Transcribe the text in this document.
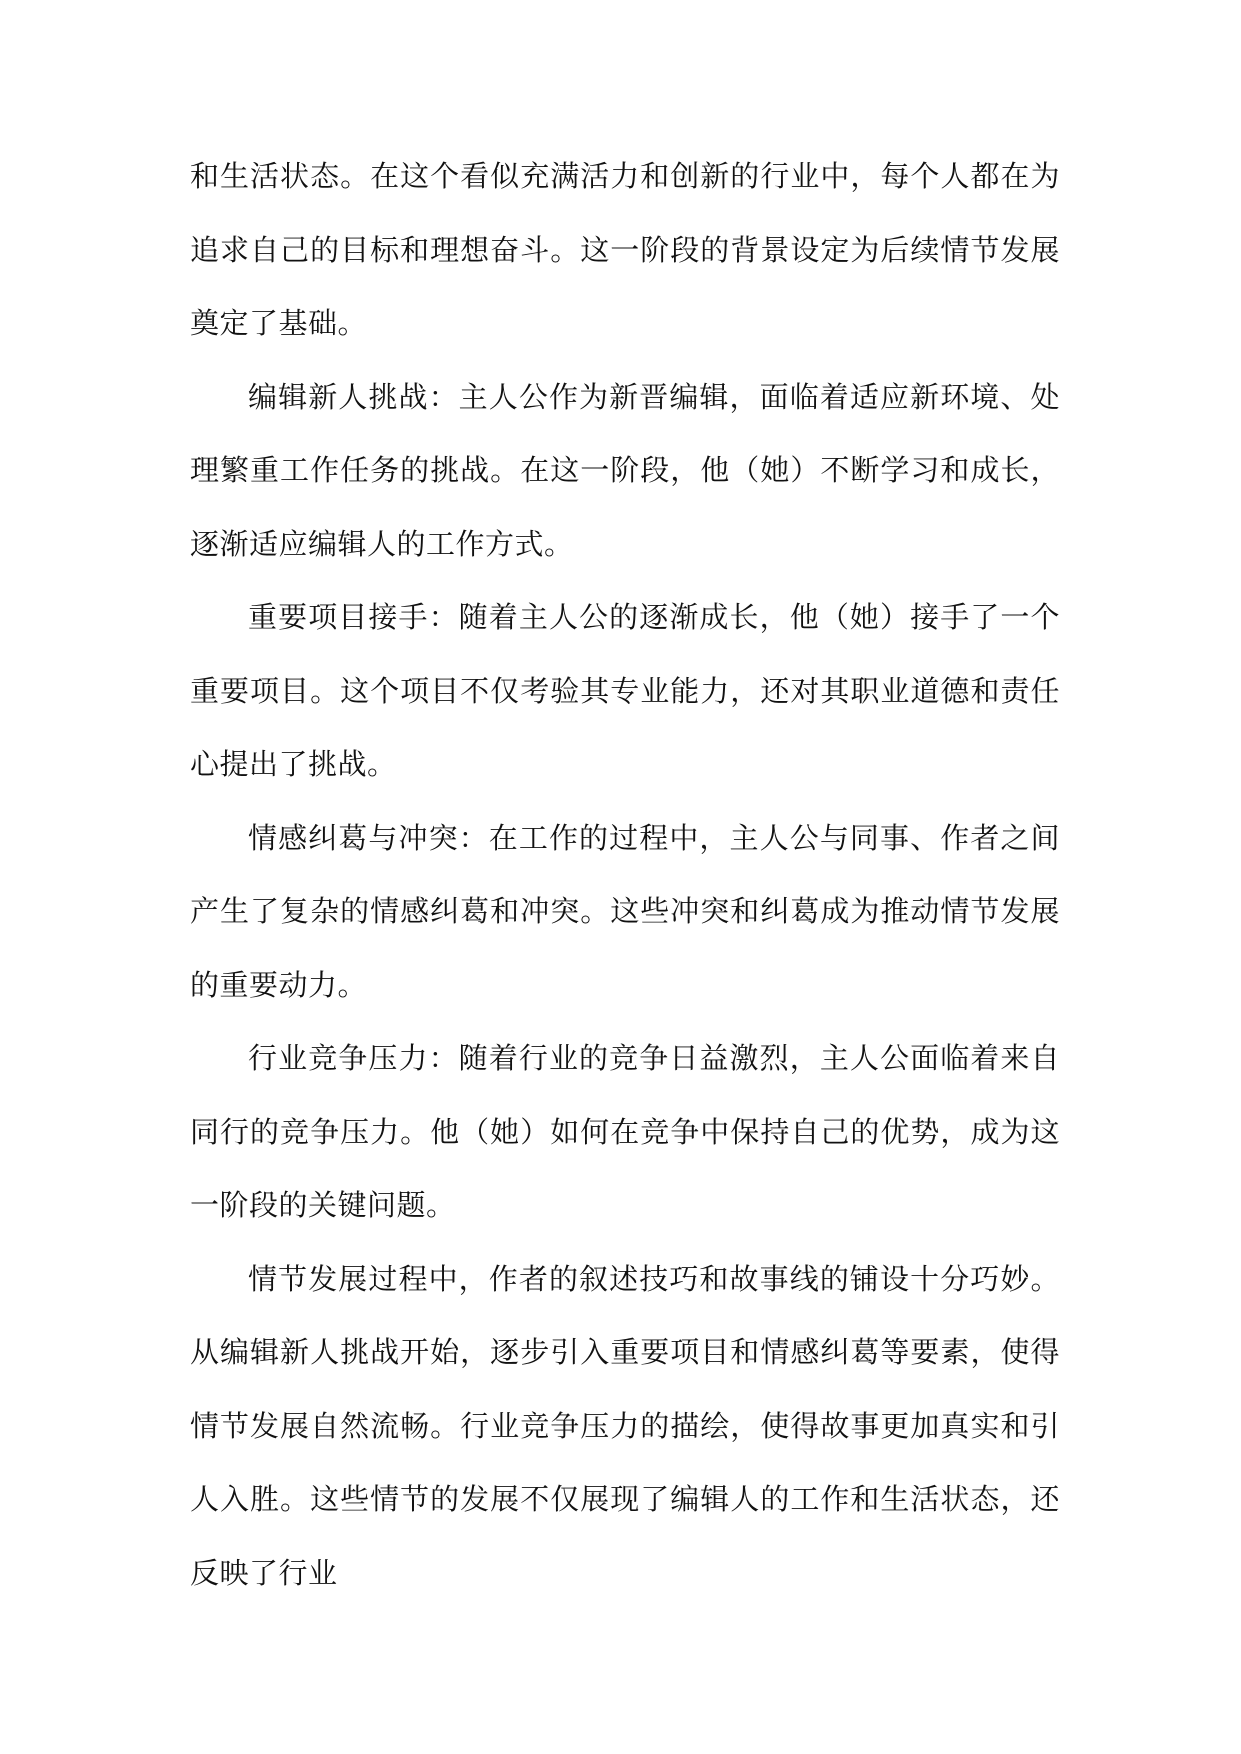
和生活状态。在这个看似充满活力和创新的行业中，每个人都在为追求自己的目标和理想奋斗。这一阶段的背景设定为后续情节发展奠定了基础。

编辑新人挑战：主人公作为新晋编辑，面临着适应新环境、处理繁重工作任务的挑战。在这一阶段，他（她）不断学习和成长，逐渐适应编辑人的工作方式。

重要项目接手：随着主人公的逐渐成长，他（她）接手了一个重要项目。这个项目不仅考验其专业能力，还对其职业道德和责任心提出了挑战。

情感纠葛与冲突：在工作的过程中，主人公与同事、作者之间产生了复杂的情感纠葛和冲突。这些冲突和纠葛成为推动情节发展的重要动力。

行业竞争压力：随着行业的竞争日益激烈，主人公面临着来自同行的竞争压力。他（她）如何在竞争中保持自己的优势，成为这一阶段的关键问题。

情节发展过程中，作者的叙述技巧和故事线的铺设十分巧妙。从编辑新人挑战开始，逐步引入重要项目和情感纠葛等要素，使得情节发展自然流畅。行业竞争压力的描绘，使得故事更加真实和引人入胜。这些情节的发展不仅展现了编辑人的工作和生活状态，还反映了行业
